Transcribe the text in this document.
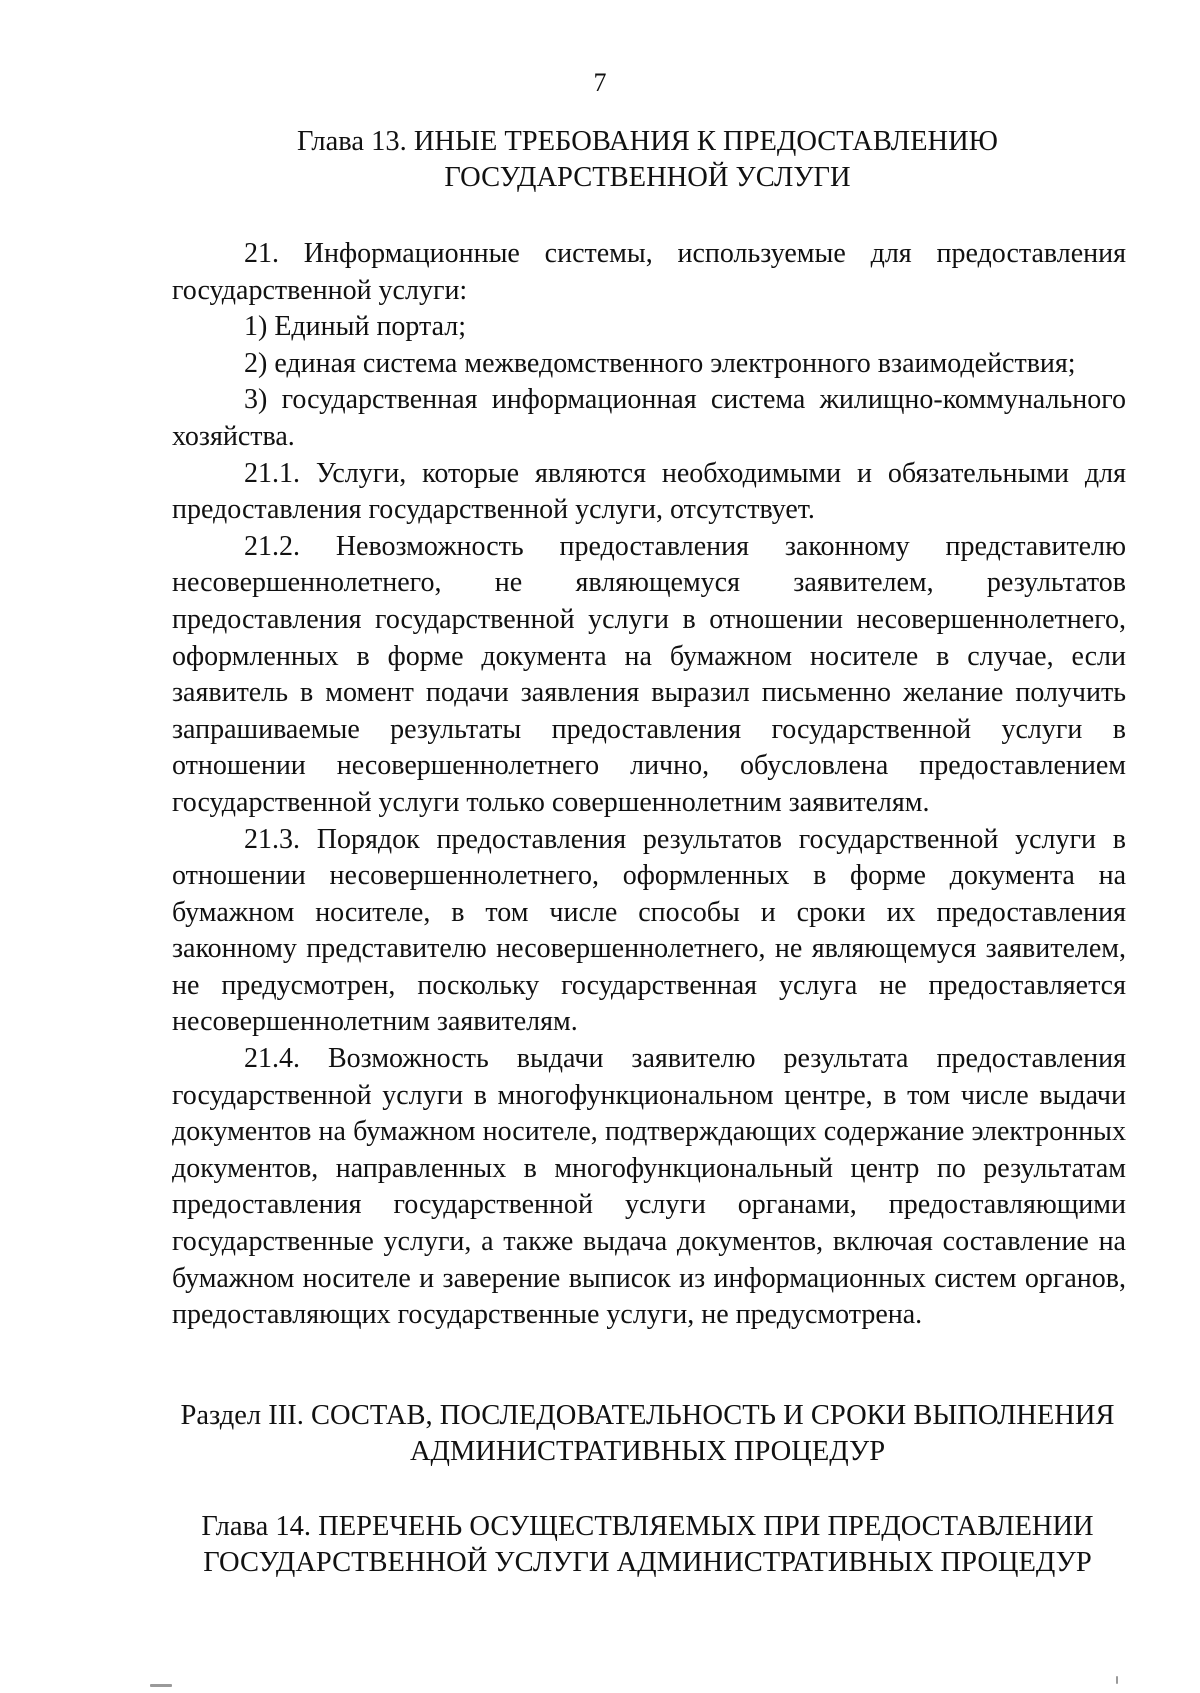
7
Глава 13. ИНЫЕ ТРЕБОВАНИЯ К ПРЕДОСТАВЛЕНИЮ
ГОСУДАРСТВЕННОЙ УСЛУГИ

21. Информационные системы, используемые для предоставления государственной услуги:

1) Единый портал;

2) единая система межведомственного электронного взаимодействия;

3) государственная информационная система жилищно-коммунального хозяйства.

21.1. Услуги, которые являются необходимыми и обязательными для предоставления государственной услуги, отсутствует.

21.2. Невозможность предоставления законному представителю несовершеннолетнего, не являющемуся заявителем, результатов предоставления государственной услуги в отношении несовершеннолетнего, оформленных в форме документа на бумажном носителе в случае, если заявитель в момент подачи заявления выразил письменно желание получить запрашиваемые результаты предоставления государственной услуги в отношении несовершеннолетнего лично, обусловлена предоставлением государственной услуги только совершеннолетним заявителям.

21.3. Порядок предоставления результатов государственной услуги в отношении несовершеннолетнего, оформленных в форме документа на бумажном носителе, в том числе способы и сроки их предоставления законному представителю несовершеннолетнего, не являющемуся заявителем, не предусмотрен, поскольку государственная услуга не предоставляется несовершеннолетним заявителям.

21.4. Возможность выдачи заявителю результата предоставления государственной услуги в многофункциональном центре, в том числе выдачи документов на бумажном носителе, подтверждающих содержание электронных документов, направленных в многофункциональный центр по результатам предоставления государственной услуги органами, предоставляющими государственные услуги, а также выдача документов, включая составление на бумажном носителе и заверение выписок из информационных систем органов, предоставляющих государственные услуги, не предусмотрена.

Раздел III. СОСТАВ, ПОСЛЕДОВАТЕЛЬНОСТЬ И СРОКИ ВЫПОЛНЕНИЯ
АДМИНИСТРАТИВНЫХ ПРОЦЕДУР
Глава 14. ПЕРЕЧЕНЬ ОСУЩЕСТВЛЯЕМЫХ ПРИ ПРЕДОСТАВЛЕНИИ
ГОСУДАРСТВЕННОЙ УСЛУГИ АДМИНИСТРАТИВНЫХ ПРОЦЕДУР
